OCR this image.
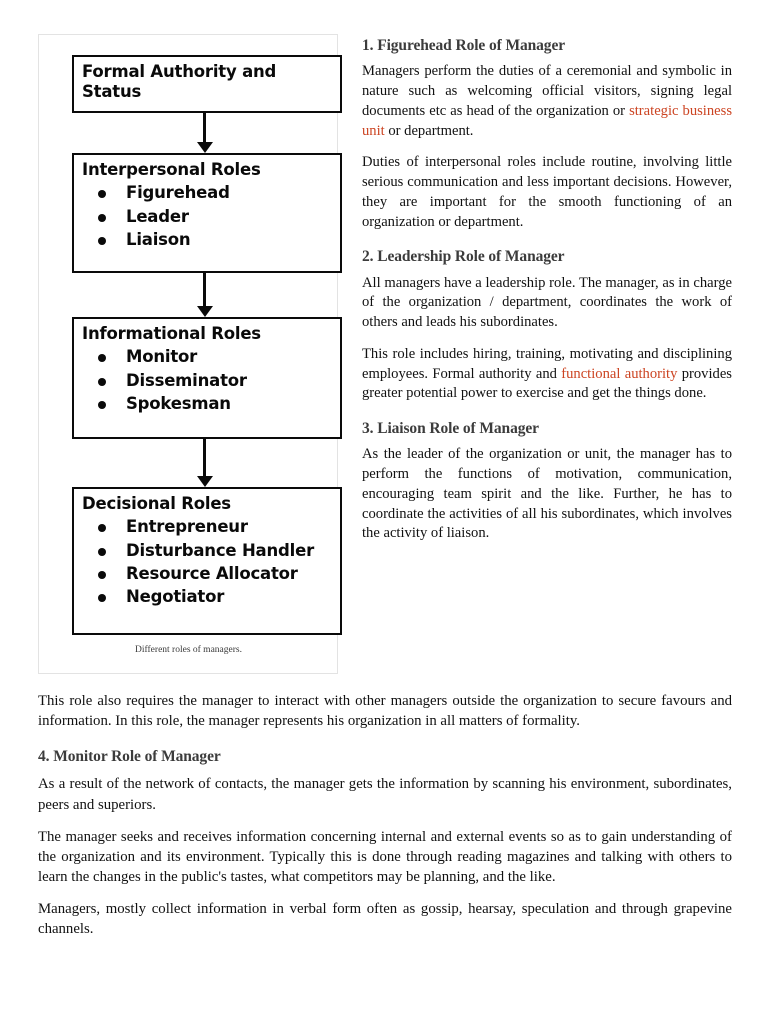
Formal Authority and Status
Interpersonal Roles
Figurehead
Leader
Liaison
Informational Roles
Monitor
Disseminator
Spokesman
Decisional Roles
Entrepreneur
Disturbance Handler
Resource Allocator
Negotiator
Different roles of managers.
1. Figurehead Role of Manager

Managers perform the duties of a ceremonial and symbolic in nature such as welcoming official visitors, signing legal documents etc as head of the organization or strategic business unit or department.

Duties of interpersonal roles include routine, involving little serious communication and less important decisions. However, they are important for the smooth functioning of an organization or department.

2. Leadership Role of Manager

All managers have a leadership role. The manager, as in charge of the organization / department, coordinates the work of others and leads his subordinates.

This role includes hiring, training, motivating and disciplining employees. Formal authority and functional authority provides greater potential power to exercise and get the things done.

3. Liaison Role of Manager

As the leader of the organization or unit, the manager has to perform the functions of motivation, communication, encouraging team spirit and the like. Further, he has to coordinate the activities of all his subordinates, which involves the activity of liaison.

This role also requires the manager to interact with other managers outside the organization to secure favours and information. In this role, the manager represents his organization in all matters of formality.

4. Monitor Role of Manager

As a result of the network of contacts, the manager gets the information by scanning his environment, subordinates, peers and superiors.

The manager seeks and receives information concerning internal and external events so as to gain understanding of the organization and its environment. Typically this is done through reading magazines and talking with others to learn the changes in the public's tastes, what competitors may be planning, and the like.

Managers, mostly collect information in verbal form often as gossip, hearsay, speculation and through grapevine channels.
